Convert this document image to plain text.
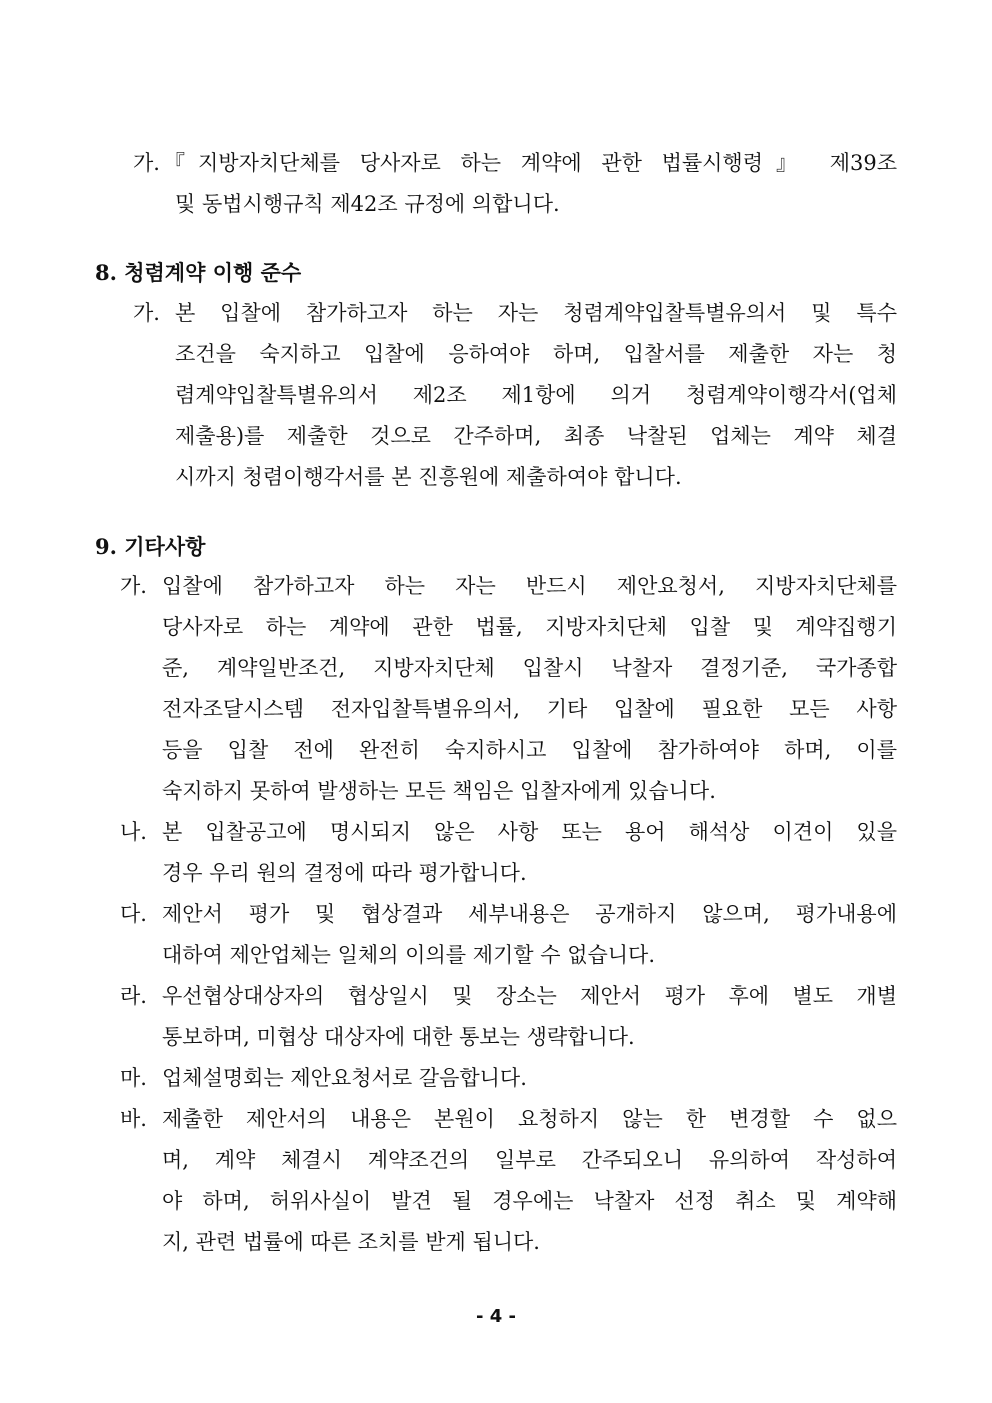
가. 『지방자치단체를 당사자로 하는 계약에 관한 법률시행령』 제39조
및 동법시행규칙 제42조 규정에 의합니다.
8. 청렴계약 이행 준수
가. 본 입찰에 참가하고자 하는 자는 청렴계약입찰특별유의서 및 특수
조건을 숙지하고 입찰에 응하여야 하며, 입찰서를 제출한 자는 청
렴계약입찰특별유의서 제2조 제1항에 의거 청렴계약이행각서(업체
제출용)를 제출한 것으로 간주하며, 최종 낙찰된 업체는 계약 체결
시까지 청렴이행각서를 본 진흥원에 제출하여야 합니다.
9. 기타사항
가. 입찰에 참가하고자 하는 자는 반드시 제안요청서, 지방자치단체를
당사자로 하는 계약에 관한 법률, 지방자치단체 입찰 및 계약집행기
준, 계약일반조건, 지방자치단체 입찰시 낙찰자 결정기준, 국가종합
전자조달시스템 전자입찰특별유의서, 기타 입찰에 필요한 모든 사항
등을 입찰 전에 완전히 숙지하시고 입찰에 참가하여야 하며, 이를
숙지하지 못하여 발생하는 모든 책임은 입찰자에게 있습니다.
나. 본 입찰공고에 명시되지 않은 사항 또는 용어 해석상 이견이 있을
경우 우리 원의 결정에 따라 평가합니다.
다. 제안서 평가 및 협상결과 세부내용은 공개하지 않으며, 평가내용에
대하여 제안업체는 일체의 이의를 제기할 수 없습니다.
라. 우선협상대상자의 협상일시 및 장소는 제안서 평가 후에 별도 개별
통보하며, 미협상 대상자에 대한 통보는 생략합니다.
마. 업체설명회는 제안요청서로 갈음합니다.
바. 제출한 제안서의 내용은 본원이 요청하지 않는 한 변경할 수 없으
며, 계약 체결시 계약조건의 일부로 간주되오니 유의하여 작성하여
야 하며, 허위사실이 발견 될 경우에는 낙찰자 선정 취소 및 계약해
지, 관련 법률에 따른 조치를 받게 됩니다.
- 4 -
